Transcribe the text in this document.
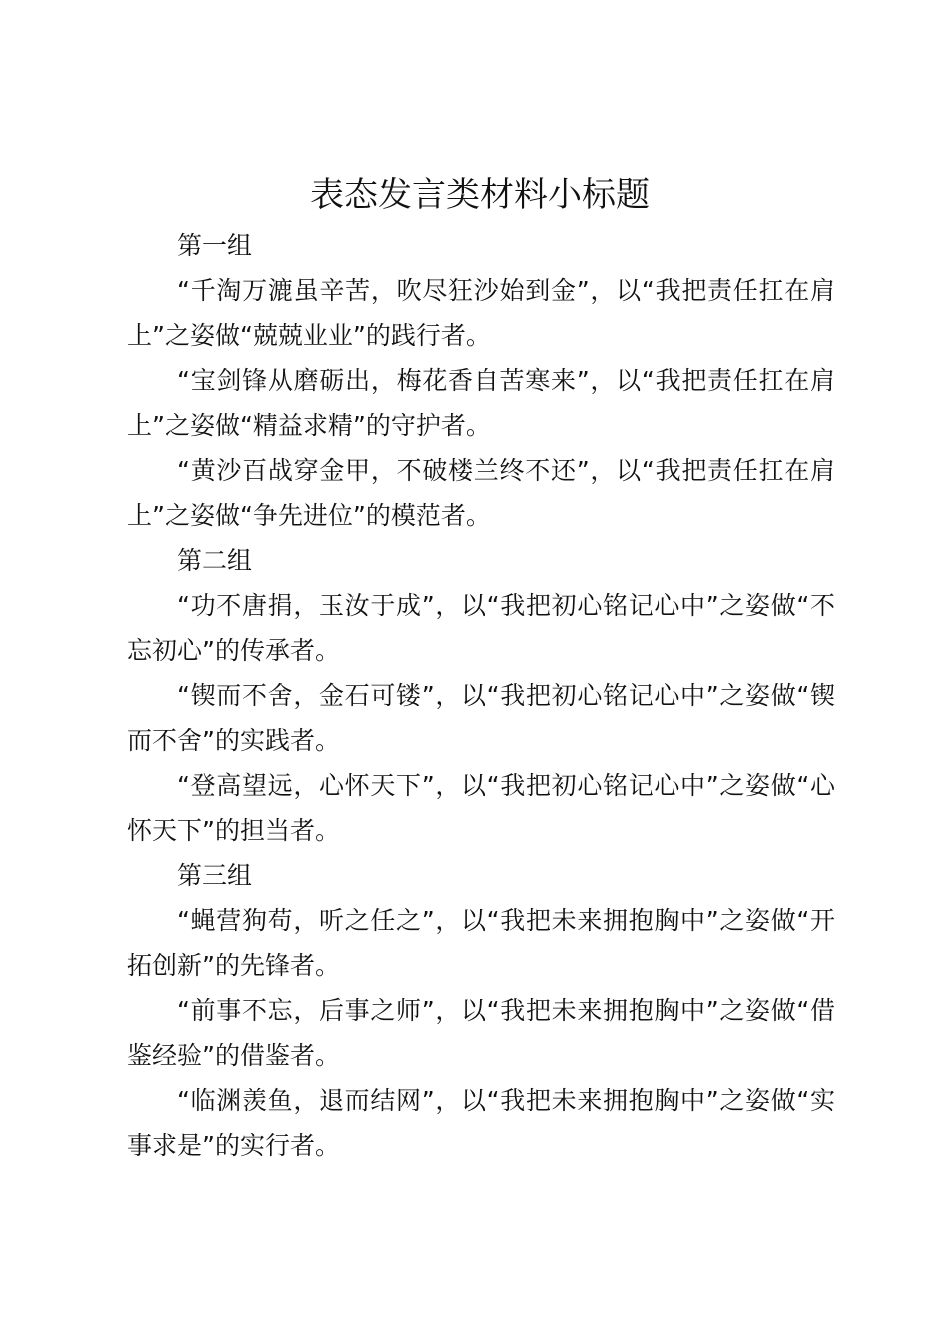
表态发言类材料小标题

第一组

“千淘万漉虽辛苦，吹尽狂沙始到金”，以“我把责任扛在肩上”之姿做“兢兢业业”的践行者。

“宝剑锋从磨砺出，梅花香自苦寒来”，以“我把责任扛在肩上”之姿做“精益求精”的守护者。

“黄沙百战穿金甲，不破楼兰终不还”，以“我把责任扛在肩上”之姿做“争先进位”的模范者。

第二组

“功不唐捐，玉汝于成”，以“我把初心铭记心中”之姿做“不忘初心”的传承者。

“锲而不舍，金石可镂”，以“我把初心铭记心中”之姿做“锲而不舍”的实践者。

“登高望远，心怀天下”，以“我把初心铭记心中”之姿做“心怀天下”的担当者。

第三组

“蝇营狗苟，听之任之”，以“我把未来拥抱胸中”之姿做“开拓创新”的先锋者。

“前事不忘，后事之师”，以“我把未来拥抱胸中”之姿做“借鉴经验”的借鉴者。

“临渊羡鱼，退而结网”，以“我把未来拥抱胸中”之姿做“实事求是”的实行者。
